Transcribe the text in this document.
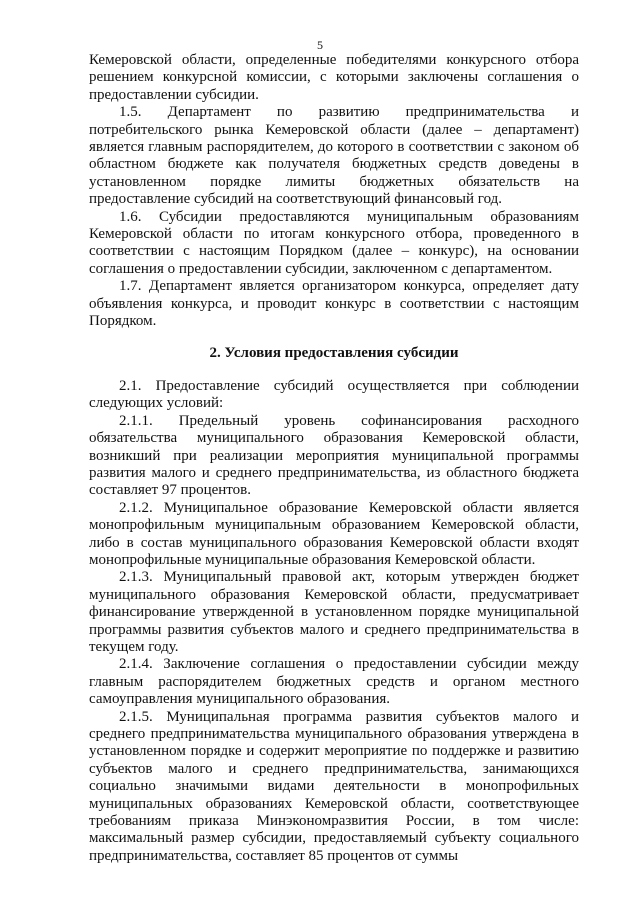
5

Кемеровской области, определенные победителями конкурсного отбора решением конкурсной комиссии, с которыми заключены соглашения о предоставлении субсидии.

1.5. Департамент по развитию предпринимательства и потребительского рынка Кемеровской области (далее – департамент) является главным распорядителем, до которого в соответствии с законом об областном бюджете как получателя бюджетных средств доведены в установленном порядке лимиты бюджетных обязательств на предоставление субсидий на соответствующий финансовый год.

1.6. Субсидии предоставляются муниципальным образованиям Кемеровской области по итогам конкурсного отбора, проведенного в соответствии с настоящим Порядком (далее – конкурс), на основании соглашения о предоставлении субсидии, заключенном с департаментом.

1.7. Департамент является организатором конкурса, определяет дату объявления конкурса, и проводит конкурс в соответствии с настоящим Порядком.

2. Условия предоставления субсидии

2.1. Предоставление субсидий осуществляется при соблюдении следующих условий:

2.1.1. Предельный уровень софинансирования расходного обязательства муниципального образования Кемеровской области, возникший при реализации мероприятия муниципальной программы развития малого и среднего предпринимательства, из областного бюджета составляет 97 процентов.

2.1.2. Муниципальное образование Кемеровской области является монопрофильным муниципальным образованием Кемеровской области, либо в состав муниципального образования Кемеровской области входят монопрофильные муниципальные образования Кемеровской области.

2.1.3. Муниципальный правовой акт, которым утвержден бюджет муниципального образования Кемеровской области, предусматривает финансирование утвержденной в установленном порядке муниципальной программы развития субъектов малого и среднего предпринимательства в текущем году.

2.1.4. Заключение соглашения о предоставлении субсидии между главным распорядителем бюджетных средств и органом местного самоуправления муниципального образования.

2.1.5. Муниципальная программа развития субъектов малого и среднего предпринимательства муниципального образования утверждена в установленном порядке и содержит мероприятие по поддержке и развитию субъектов малого и среднего предпринимательства, занимающихся социально значимыми видами деятельности в монопрофильных муниципальных образованиях Кемеровской области, соответствующее требованиям приказа Минэкономразвития России, в том числе: максимальный размер субсидии, предоставляемый субъекту социального предпринимательства, составляет 85 процентов от суммы
